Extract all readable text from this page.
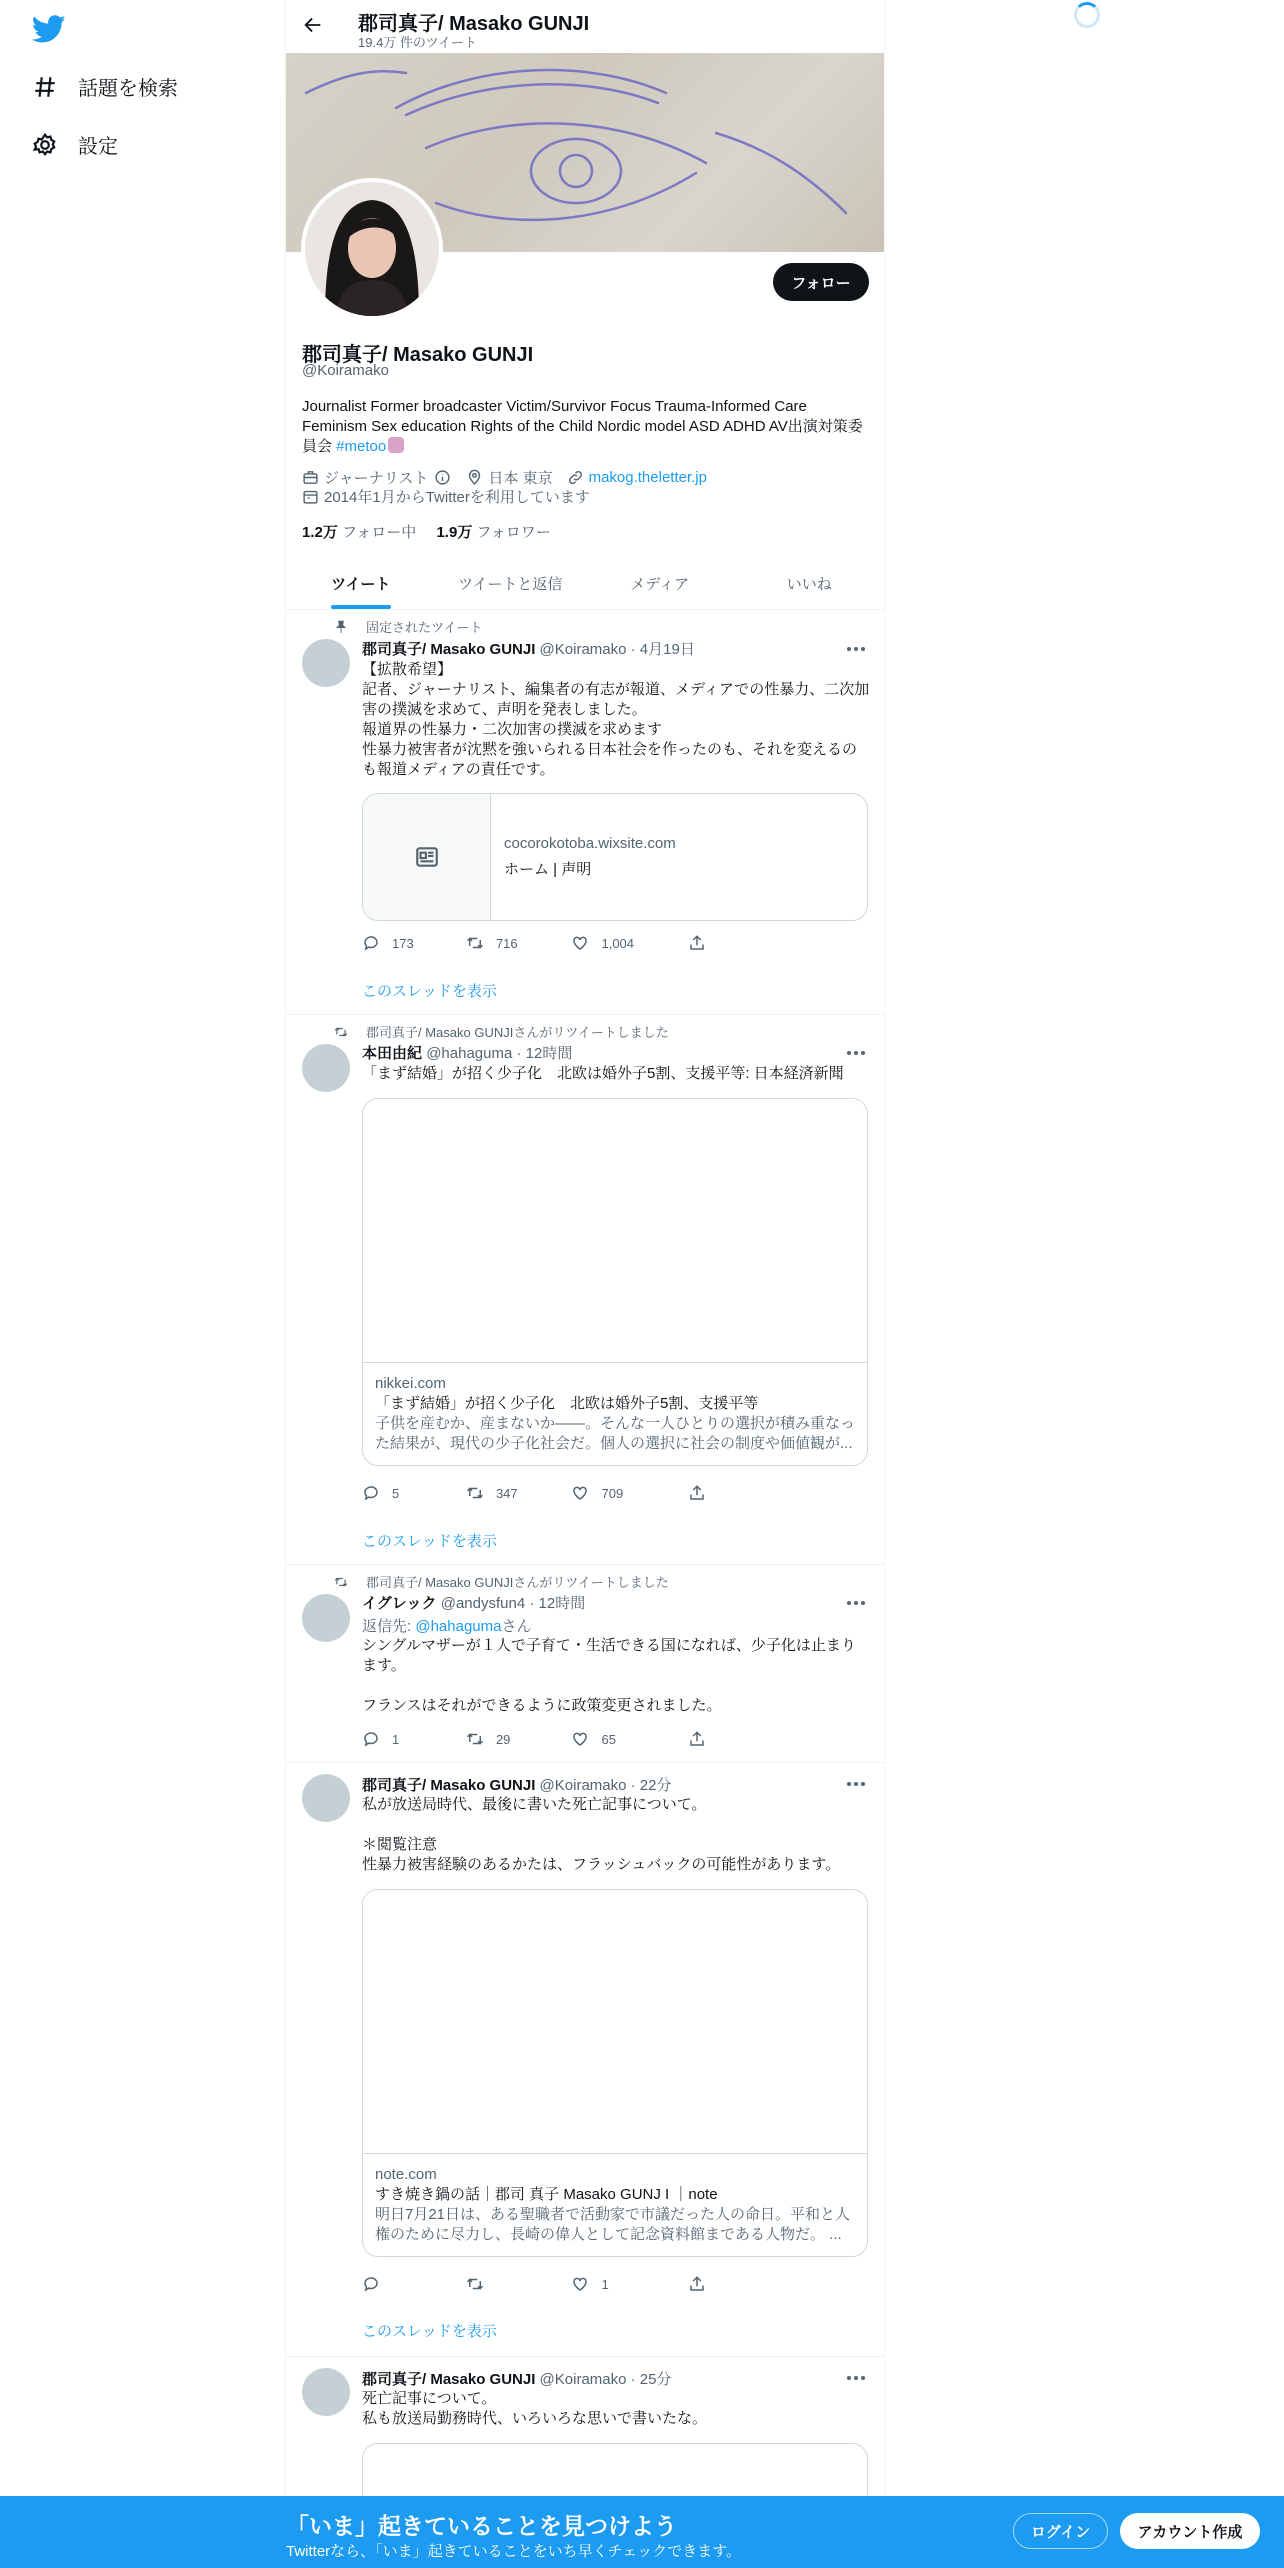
話題を検索
設定
郡司真子/ Masako GUNJI
19.4万 件のツイート
フォロー
郡司真子/ Masako GUNJI
@Koiramako
Journalist Former broadcaster Victim/Survivor Focus Trauma-Informed Care Feminism Sex education Rights of the Child Nordic model ASD ADHD AV出演対策委員会 #metoo
ジャーナリスト	日本 東京 makog.theletter.jp
2014年1月からTwitterを利用しています
1.2万 フォロー中 1.9万 フォロワー
ツイート	ツイートと返信	メディア	いいね
固定されたツイート
郡司真子/ Masako GUNJI @Koiramako · 4月19日
【拡散希望】
記者、ジャーナリスト、編集者の有志が報道、メディアでの性暴力、二次加害の撲滅を求めて、声明を発表しました。
報道界の性暴力・二次加害の撲滅を求めます
性暴力被害者が沈黙を強いられる日本社会を作ったのも、それを変えるのも報道メディアの責任です。
cocorokotoba.wixsite.com
ホーム | 声明
173	716	1,004
このスレッドを表示
郡司真子/ Masako GUNJIさんがリツイートしました
本田由紀 @hahaguma · 12時間
「まず結婚」が招く少子化　北欧は婚外子5割、支援平等: 日本経済新聞
nikkei.com
「まず結婚」が招く少子化　北欧は婚外子5割、支援平等
子供を産むか、産まないか――。そんな一人ひとりの選択が積み重なった結果が、現代の少子化社会だ。個人の選択に社会の制度や価値観が...
5	347	709
このスレッドを表示
郡司真子/ Masako GUNJIさんがリツイートしました
イグレック @andysfun4 · 12時間
返信先: @hahagumaさん
シングルマザーが１人で子育て・生活できる国になれば、少子化は止まります。

フランスはそれができるように政策変更されました。
1	29	65
郡司真子/ Masako GUNJI @Koiramako · 22分
私が放送局時代、最後に書いた死亡記事について。

＊閲覧注意
性暴力被害経験のあるかたは、フラッシュバックの可能性があります。
note.com
すき焼き鍋の話｜郡司 真子 Masako GUNJ I ｜note
明日7月21日は、ある聖職者で活動家で市議だった人の命日。平和と人権のために尽力し、長崎の偉人として記念資料館まである人物だ。 ...
1
このスレッドを表示
郡司真子/ Masako GUNJI @Koiramako · 25分
死亡記事について。
私も放送局勤務時代、いろいろな思いで書いたな。
「いま」起きていることを見つけよう
Twitterなら、「いま」起きていることをいち早くチェックできます。
ログイン	アカウント作成
